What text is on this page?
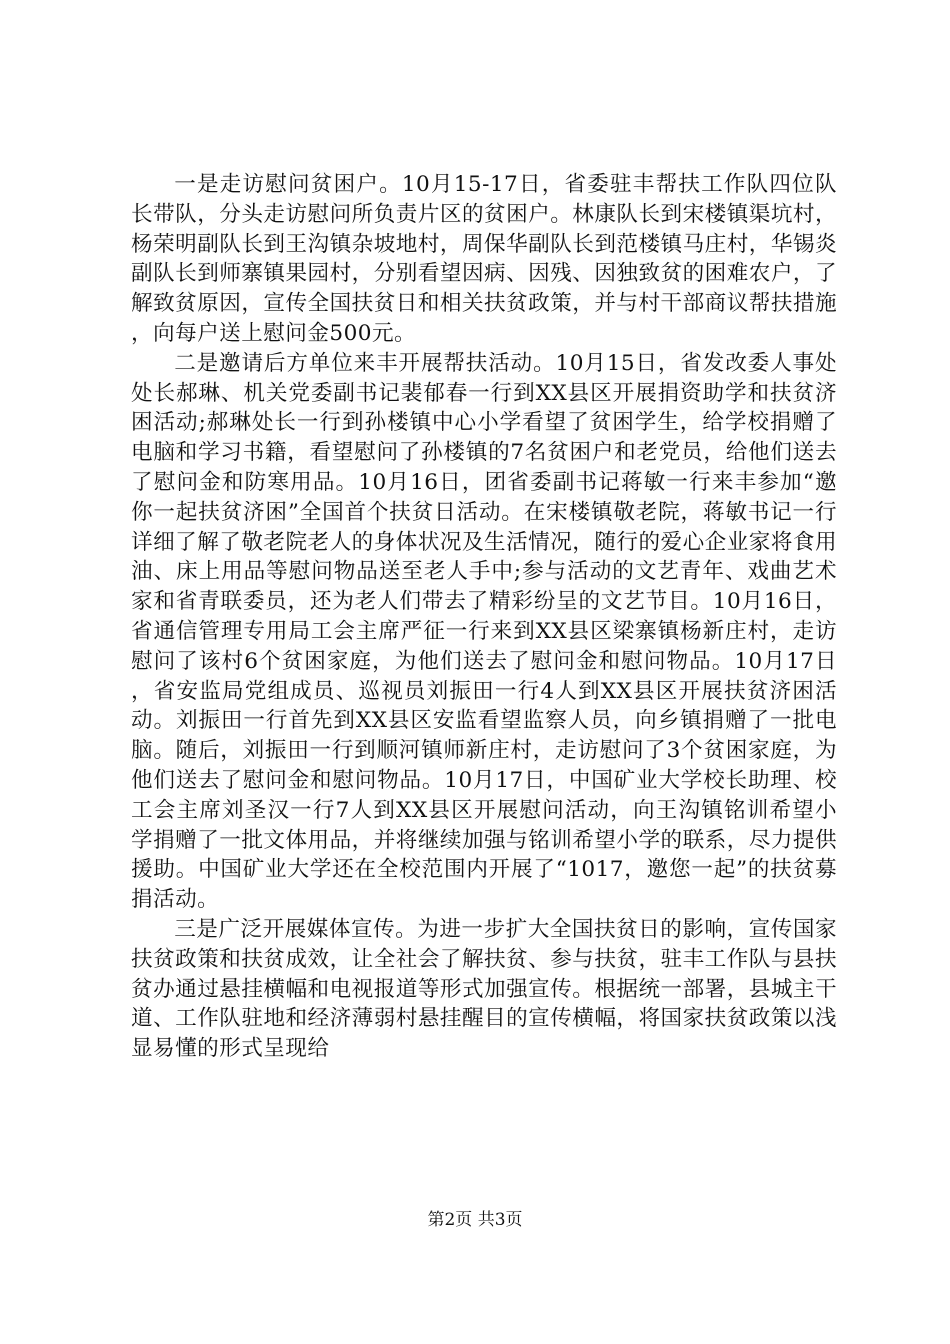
一是走访慰问贫困户。10月15-17日，省委驻丰帮扶工作队四位队长带队，分头走访慰问所负责片区的贫困户。林康队长到宋楼镇渠坑村，杨荣明副队长到王沟镇杂坡地村，周保华副队长到范楼镇马庄村，华锡炎副队长到师寨镇果园村，分别看望因病、因残、因独致贫的困难农户，了解致贫原因，宣传全国扶贫日和相关扶贫政策，并与村干部商议帮扶措施，向每户送上慰问金500元。

二是邀请后方单位来丰开展帮扶活动。10月15日，省发改委人事处处长郝琳、机关党委副书记裴郁春一行到XX县区开展捐资助学和扶贫济困活动;郝琳处长一行到孙楼镇中心小学看望了贫困学生，给学校捐赠了电脑和学习书籍，看望慰问了孙楼镇的7名贫困户和老党员，给他们送去了慰问金和防寒用品。10月16日，团省委副书记蒋敏一行来丰参加“邀你一起扶贫济困”全国首个扶贫日活动。在宋楼镇敬老院，蒋敏书记一行详细了解了敬老院老人的身体状况及生活情况，随行的爱心企业家将食用油、床上用品等慰问物品送至老人手中;参与活动的文艺青年、戏曲艺术家和省青联委员，还为老人们带去了精彩纷呈的文艺节目。10月16日，省通信管理专用局工会主席严征一行来到XX县区梁寨镇杨新庄村，走访慰问了该村6个贫困家庭，为他们送去了慰问金和慰问物品。10月17日，省安监局党组成员、巡视员刘振田一行4人到XX县区开展扶贫济困活动。刘振田一行首先到XX县区安监看望监察人员，向乡镇捐赠了一批电脑。随后，刘振田一行到顺河镇师新庄村，走访慰问了3个贫困家庭，为他们送去了慰问金和慰问物品。10月17日，中国矿业大学校长助理、校工会主席刘圣汉一行7人到XX县区开展慰问活动，向王沟镇铭训希望小学捐赠了一批文体用品，并将继续加强与铭训希望小学的联系，尽力提供援助。中国矿业大学还在全校范围内开展了“1017，邀您一起”的扶贫募捐活动。

三是广泛开展媒体宣传。为进一步扩大全国扶贫日的影响，宣传国家扶贫政策和扶贫成效，让全社会了解扶贫、参与扶贫，驻丰工作队与县扶贫办通过悬挂横幅和电视报道等形式加强宣传。根据统一部署，县城主干道、工作队驻地和经济薄弱村悬挂醒目的宣传横幅，将国家扶贫政策以浅显易懂的形式呈现给

第2页 共3页
